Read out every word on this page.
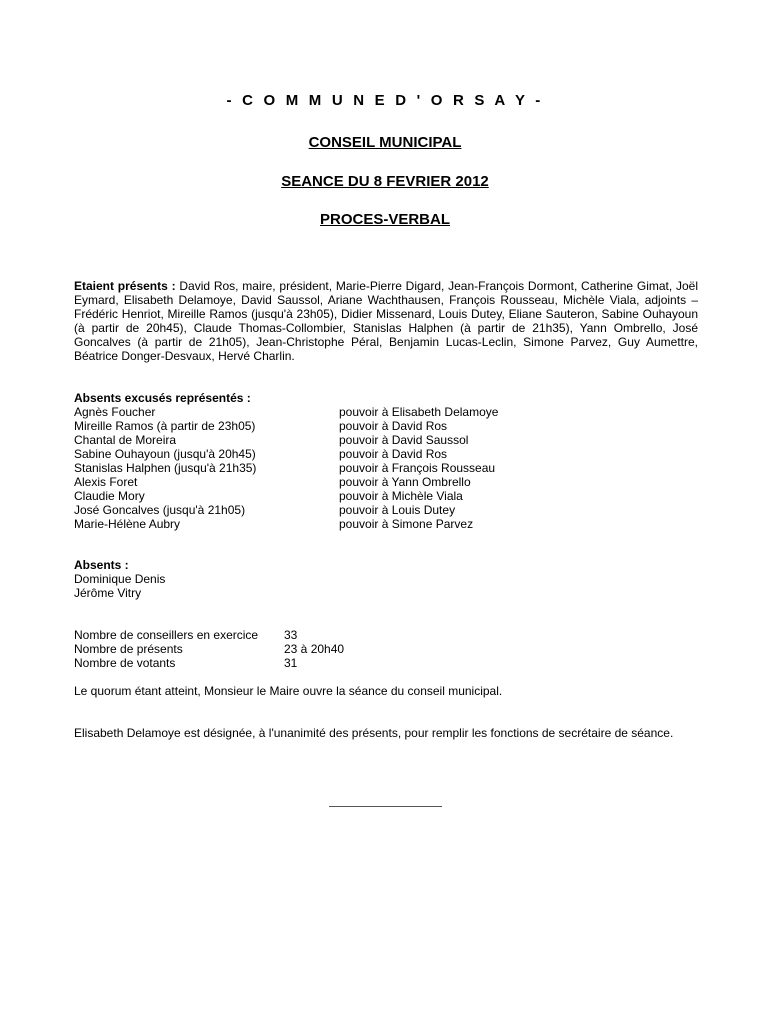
- C O M M U N E D ' O R S A Y -
CONSEIL MUNICIPAL
SEANCE DU 8 FEVRIER 2012
PROCES-VERBAL
Etaient présents : David Ros, maire, président, Marie-Pierre Digard, Jean-François Dormont, Catherine Gimat, Joël Eymard, Elisabeth Delamoye, David Saussol, Ariane Wachthausen, François Rousseau, Michèle Viala, adjoints – Frédéric Henriot, Mireille Ramos (jusqu'à 23h05), Didier Missenard, Louis Dutey, Eliane Sauteron, Sabine Ouhayoun (à partir de 20h45), Claude Thomas-Collombier, Stanislas Halphen (à partir de 21h35), Yann Ombrello, José Goncalves (à partir de 21h05), Jean-Christophe Péral, Benjamin Lucas-Leclin, Simone Parvez, Guy Aumettre, Béatrice Donger-Desvaux, Hervé Charlin.
Absents excusés représentés :
Agnès Foucher	pouvoir à Elisabeth Delamoye
Mireille Ramos (à partir de 23h05)	pouvoir à David Ros
Chantal de Moreira	pouvoir à David Saussol
Sabine Ouhayoun (jusqu'à 20h45)	pouvoir à David Ros
Stanislas Halphen (jusqu'à 21h35)	pouvoir à François Rousseau
Alexis Foret	pouvoir à Yann Ombrello
Claudie Mory	pouvoir à Michèle Viala
José Goncalves (jusqu'à 21h05)	pouvoir à Louis Dutey
Marie-Hélène Aubry	pouvoir à Simone Parvez
Absents :
Dominique Denis
Jérôme Vitry
Nombre de conseillers en exercice	33
Nombre de présents	23 à 20h40
Nombre de votants	31
Le quorum étant atteint, Monsieur le Maire ouvre la séance du conseil municipal.
Elisabeth Delamoye est désignée, à l'unanimité des présents, pour remplir les fonctions de secrétaire de séance.
